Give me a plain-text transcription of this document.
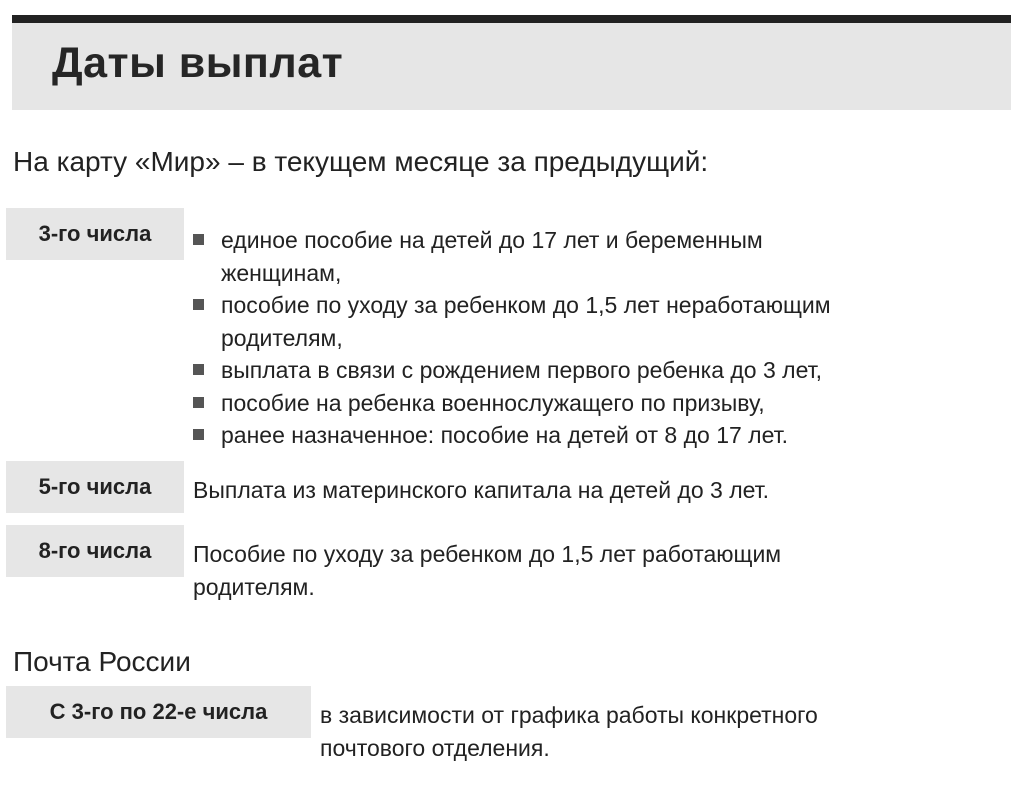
Даты выплат
На карту «Мир» – в текущем месяце за предыдущий:
3-го числа	единое пособие на детей до 17 лет и беременным
женщинам,
пособие по уходу за ребенком до 1,5 лет неработающим
родителям,
выплата в связи с рождением первого ребенка до 3 лет,
пособие на ребенка военнослужащего по призыву,
ранее назначенное: пособие на детей от 8 до 17 лет.
5-го числа	Выплата из материнского капитала на детей до 3 лет.
8-го числа	Пособие по уходу за ребенком до 1,5 лет работающим
родителям.
Почта России
С 3-го по 22-е числа	в зависимости от графика работы конкретного
почтового отделения.
